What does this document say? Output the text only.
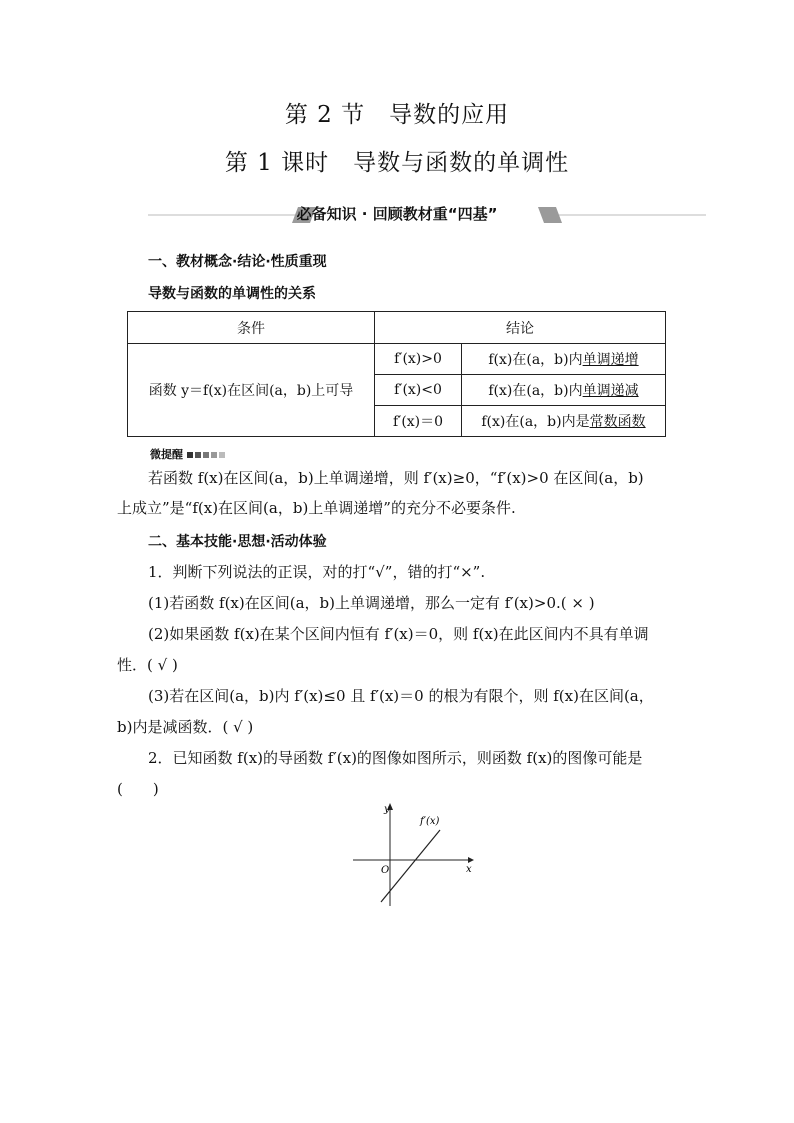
第 2 节　导数的应用
第 1 课时　导数与函数的单调性
必备知识 · 回顾教材重“四基”
一、教材概念·结论·性质重现
导数与函数的单调性的关系
条件	结论	
函数 y＝f(x)在区间(a，b)上可导	f′(x)>0	f(x)在(a，b)内单调递增
	f′(x)<0	f(x)在(a，b)内单调递减
	f′(x)＝0	f(x)在(a，b)内是常数函数
微提醒
若函数 f(x)在区间(a，b)上单调递增，则 f′(x)≥0，“f′(x)>0 在区间(a，b)
上成立”是“f(x)在区间(a，b)上单调递增”的充分不必要条件.
二、基本技能·思想·活动体验
1．判断下列说法的正误，对的打“√”，错的打“×”.
(1)若函数 f(x)在区间(a，b)上单调递增，那么一定有 f′(x)>0.( × )
(2)如果函数 f(x)在某个区间内恒有 f′(x)＝0，则 f(x)在此区间内不具有单调
性．( √ )
(3)若在区间(a，b)内 f′(x)≤0 且 f′(x)＝0 的根为有限个，则 f(x)在区间(a，
b)内是减函数．( √ )
2．已知函数 f(x)的导函数 f′(x)的图像如图所示，则函数 f(x)的图像可能是
(　　)
y
x
O
f′(x)
